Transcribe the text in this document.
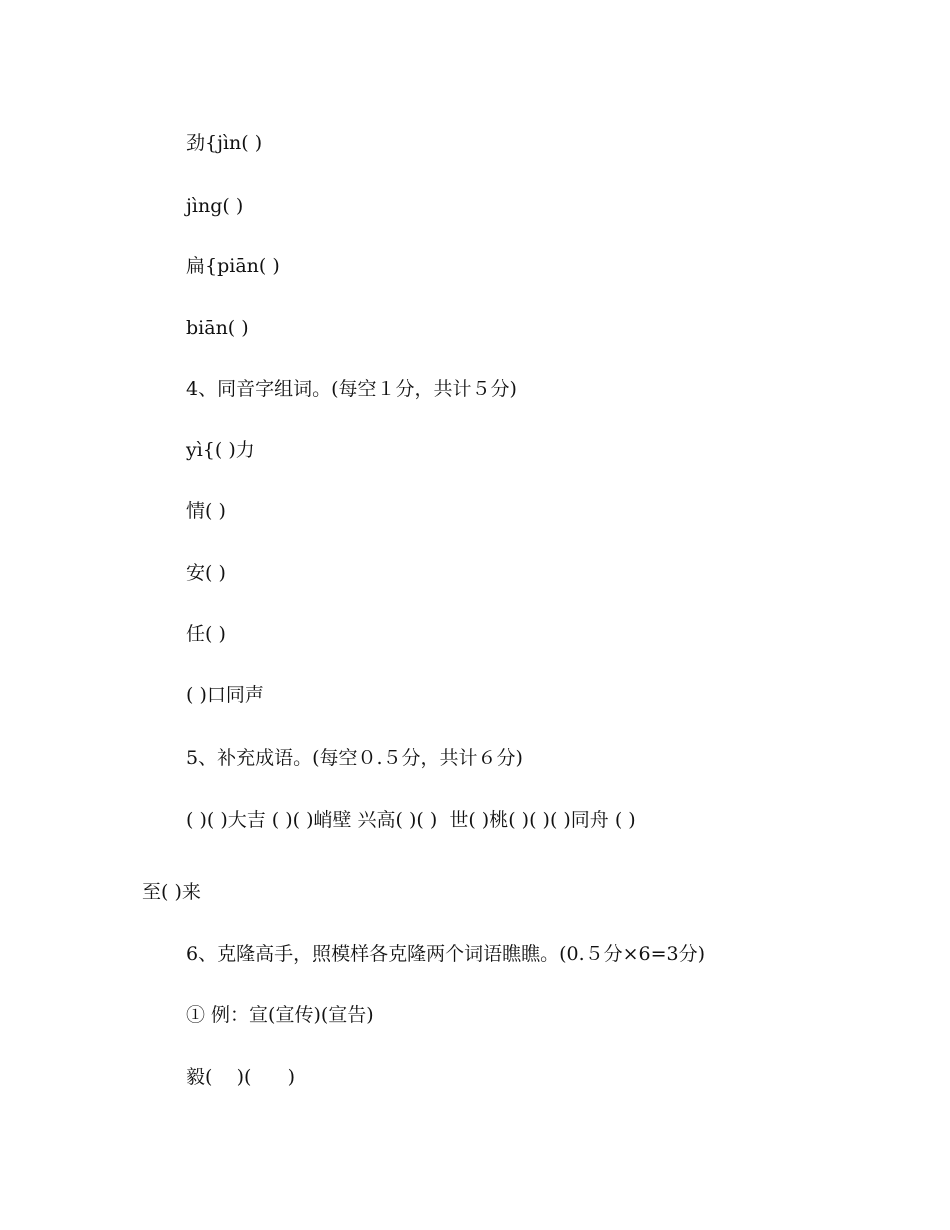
劲{jìn( )

jìng( )

扁{piān( )

biān( )

4、同音字组词。(每空１分，共计５分)

yì{( )力

情( )

安( )

任( )

( )口同声

5、补充成语。(每空０.５分，共计６分)

( )( )大吉 ( )( )峭壁 兴高( )( )  世( )桃( )( )( )同舟 ( )

至( )来

6、克隆高手，照模样各克隆两个词语瞧瞧。(0.５分×6=3分)

① 例：宣(宣传)(宣告)

毅(    )(      )
